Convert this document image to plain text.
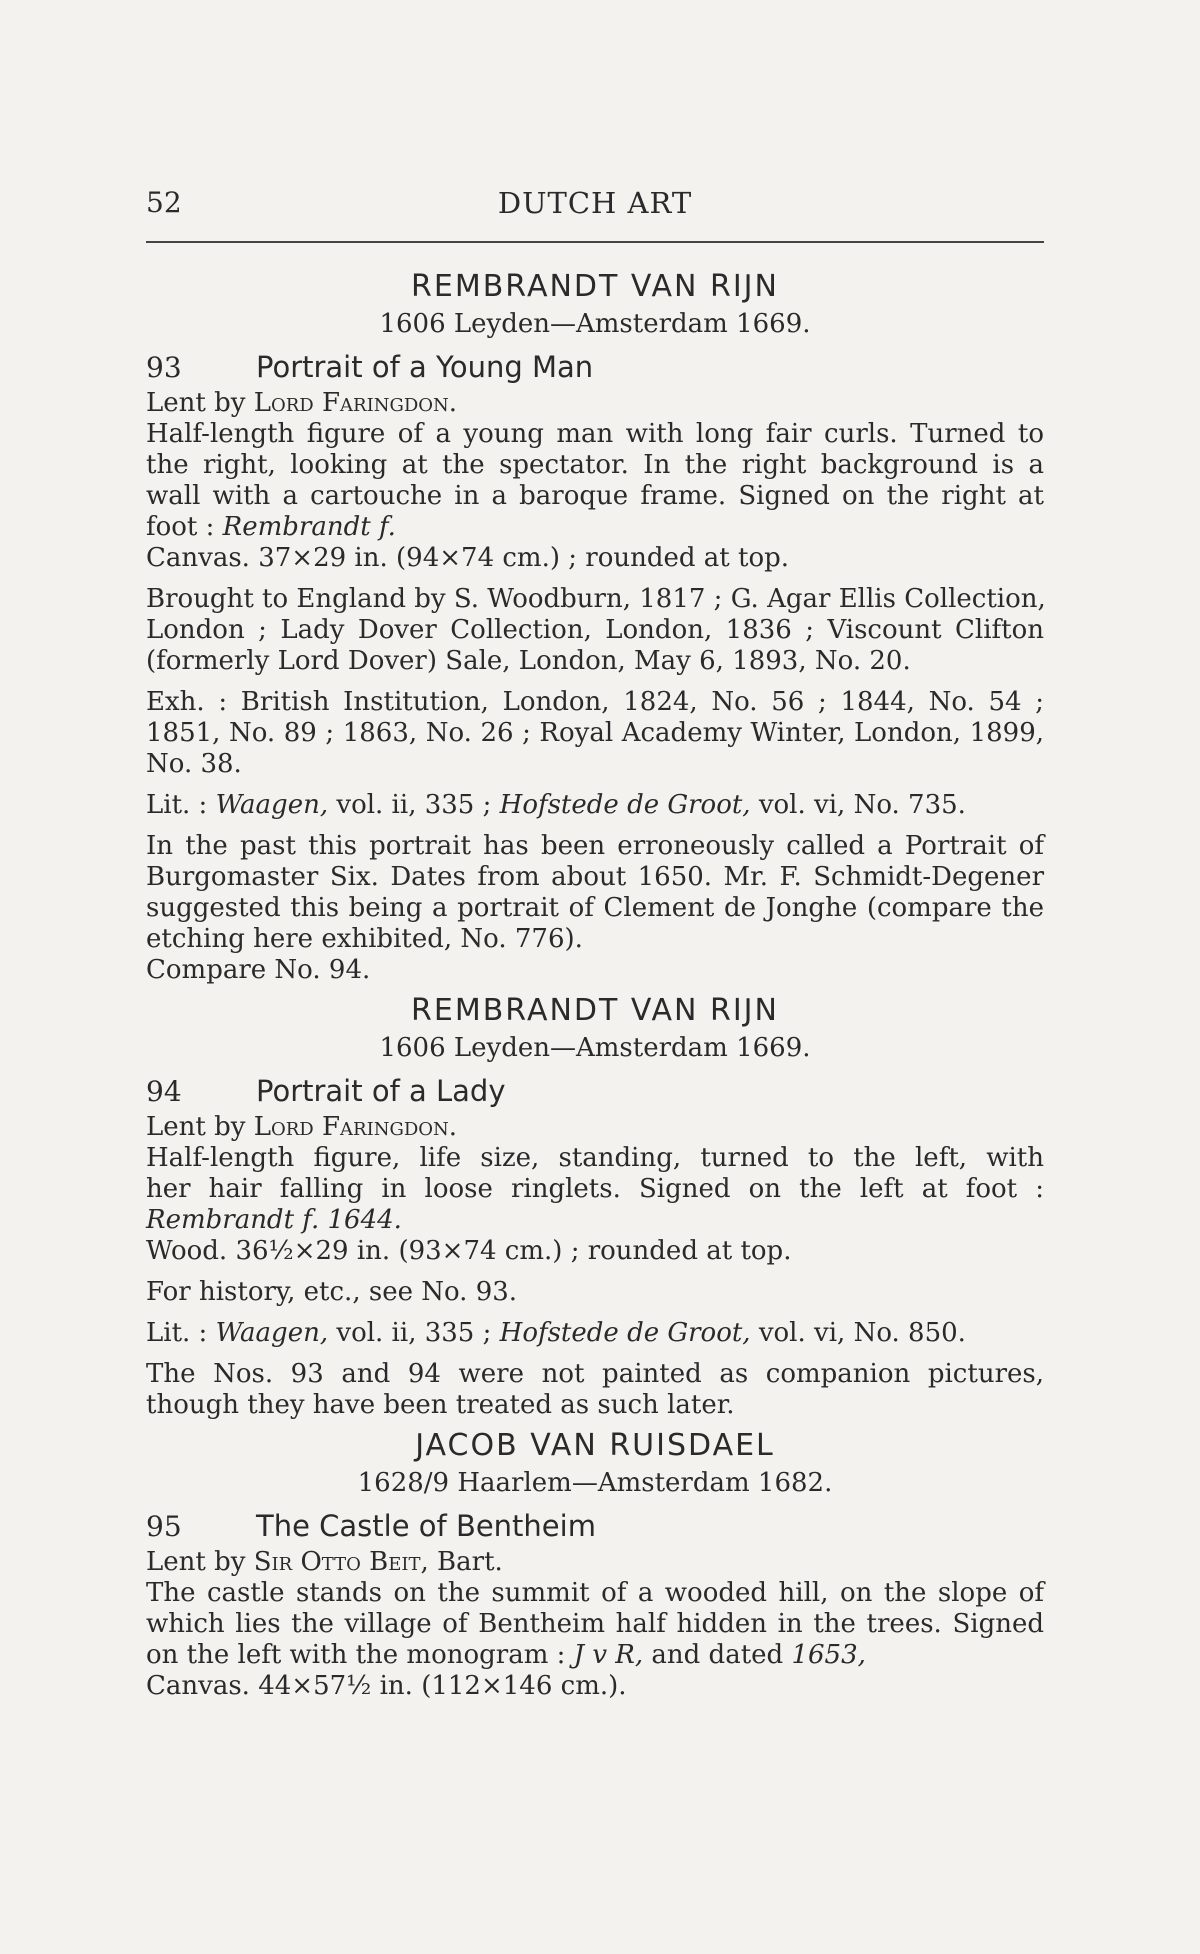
52	DUTCH ART
REMBRANDT VAN RIJN
1606 Leyden—Amsterdam 1669.
93	Portrait of a Young Man
Lent by Lord Faringdon.
Half-length figure of a young man with long fair curls. Turned to
the right, looking at the spectator. In the right background is a
wall with a cartouche in a baroque frame. Signed on the right at
foot : Rembrandt f.
Canvas. 37×29 in. (94×74 cm.) ; rounded at top.
Brought to England by S. Woodburn, 1817 ; G. Agar Ellis Collection,
London ; Lady Dover Collection, London, 1836 ; Viscount Clifton
(formerly Lord Dover) Sale, London, May 6, 1893, No. 20.
Exh. : British Institution, London, 1824, No. 56 ; 1844, No. 54 ;
1851, No. 89 ; 1863, No. 26 ; Royal Academy Winter, London, 1899,
No. 38.
Lit. : Waagen, vol. ii, 335 ; Hofstede de Groot, vol. vi, No. 735.
In the past this portrait has been erroneously called a Portrait of
Burgomaster Six. Dates from about 1650. Mr. F. Schmidt-Degener
suggested this being a portrait of Clement de Jonghe (compare the
etching here exhibited, No. 776).
Compare No. 94.
REMBRANDT VAN RIJN
1606 Leyden—Amsterdam 1669.
94	Portrait of a Lady
Lent by Lord Faringdon.
Half-length figure, life size, standing, turned to the left, with
her hair falling in loose ringlets. Signed on the left at foot :
Rembrandt f. 1644.
Wood. 36½×29 in. (93×74 cm.) ; rounded at top.
For history, etc., see No. 93.
Lit. : Waagen, vol. ii, 335 ; Hofstede de Groot, vol. vi, No. 850.
The Nos. 93 and 94 were not painted as companion pictures,
though they have been treated as such later.
JACOB VAN RUISDAEL
1628/9 Haarlem—Amsterdam 1682.
95	The Castle of Bentheim
Lent by Sir Otto Beit, Bart.
The castle stands on the summit of a wooded hill, on the slope of
which lies the village of Bentheim half hidden in the trees. Signed
on the left with the monogram : J v R, and dated 1653,
Canvas. 44×57½ in. (112×146 cm.).
